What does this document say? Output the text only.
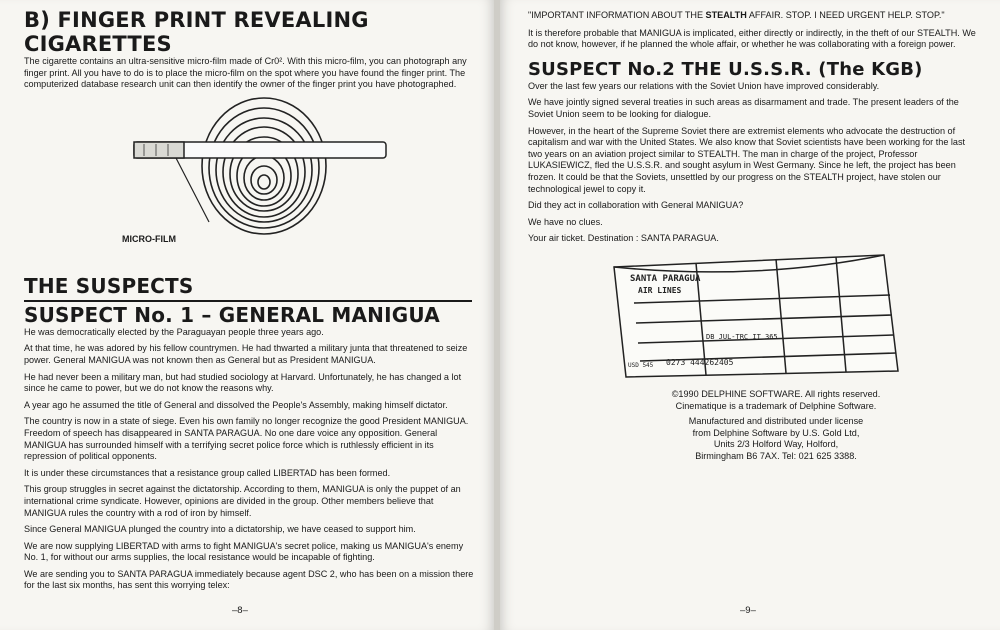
B) FINGER PRINT REVEALING CIGARETTES

The cigarette contains an ultra-sensitive micro-film made of Cr0². With this micro-film, you can photograph any finger print. All you have to do is to place the micro-film on the spot where you have found the finger print. The computerized database research unit can then identify the owner of the finger print you have photographed.

MICRO-FILM
THE SUSPECTS
SUSPECT No. 1 – GENERAL MANIGUA

He was democratically elected by the Paraguayan people three years ago.

At that time, he was adored by his fellow countrymen. He had thwarted a military junta that threatened to seize power. General MANIGUA was not known then as General but as President MANIGUA.

He had never been a military man, but had studied sociology at Harvard. Unfortunately, he has changed a lot since he came to power, but we do not know the reasons why.

A year ago he assumed the title of General and dissolved the People's Assembly, making himself dictator.

The country is now in a state of siege. Even his own family no longer recognize the good President MANIGUA. Freedom of speech has disappeared in SANTA PARAGUA. No one dare voice any opposition. General MANIGUA has surrounded himself with a terrifying secret police force which is ruthlessly efficient in its repression of political opponents.

It is under these circumstances that a resistance group called LIBERTAD has been formed.

This group struggles in secret against the dictatorship. According to them, MANIGUA is only the puppet of an international crime syndicate. However, opinions are divided in the group. Other members believe that MANIGUA rules the country with a rod of iron by himself.

Since General MANIGUA plunged the country into a dictatorship, we have ceased to support him.

We are now supplying LIBERTAD with arms to fight MANIGUA's secret police, making us MANIGUA's enemy No. 1, for without our arms supplies, the local resistance would be incapable of fighting.

We are sending you to SANTA PARAGUA immediately because agent DSC 2, who has been on a mission there for the last six months, has sent this worrying telex:

–8–
"IMPORTANT INFORMATION ABOUT THE STEALTH AFFAIR. STOP. I NEED URGENT HELP. STOP."

It is therefore probable that MANIGUA is implicated, either directly or indirectly, in the theft of our STEALTH. We do not know, however, if he planned the whole affair, or whether he was collaborating with a foreign power.

SUSPECT No.2 THE U.S.S.R. (The KGB)

Over the last few years our relations with the Soviet Union have improved considerably.

We have jointly signed several treaties in such areas as disarmament and trade. The present leaders of the Soviet Union seem to be looking for dialogue.

However, in the heart of the Supreme Soviet there are extremist elements who advocate the destruction of capitalism and war with the United States. We also know that Soviet scientists have been working for the last two years on an aviation project similar to STEALTH. The man in charge of the project, Professor LUKASIEWICZ, fled the U.S.S.R. and sought asylum in West Germany. Since he left, the project has been frozen. It could be that the Soviets, unsettled by our progress on the STEALTH project, have stolen our technological jewel to copy it.

Did they act in collaboration with General MANIGUA?

We have no clues.

Your air ticket. Destination : SANTA PARAGUA.

SANTA PARAGUA
AIR LINES
DB JUL-TRC IT 365
0273 444262405
USD 545
©1990 DELPHINE SOFTWARE. All rights reserved.
Cinematique is a trademark of Delphine Software.
Manufactured and distributed under license
from Delphine Software by U.S. Gold Ltd,
Units 2/3 Holford Way, Holford,
Birmingham B6 7AX. Tel: 021 625 3388.
–9–
